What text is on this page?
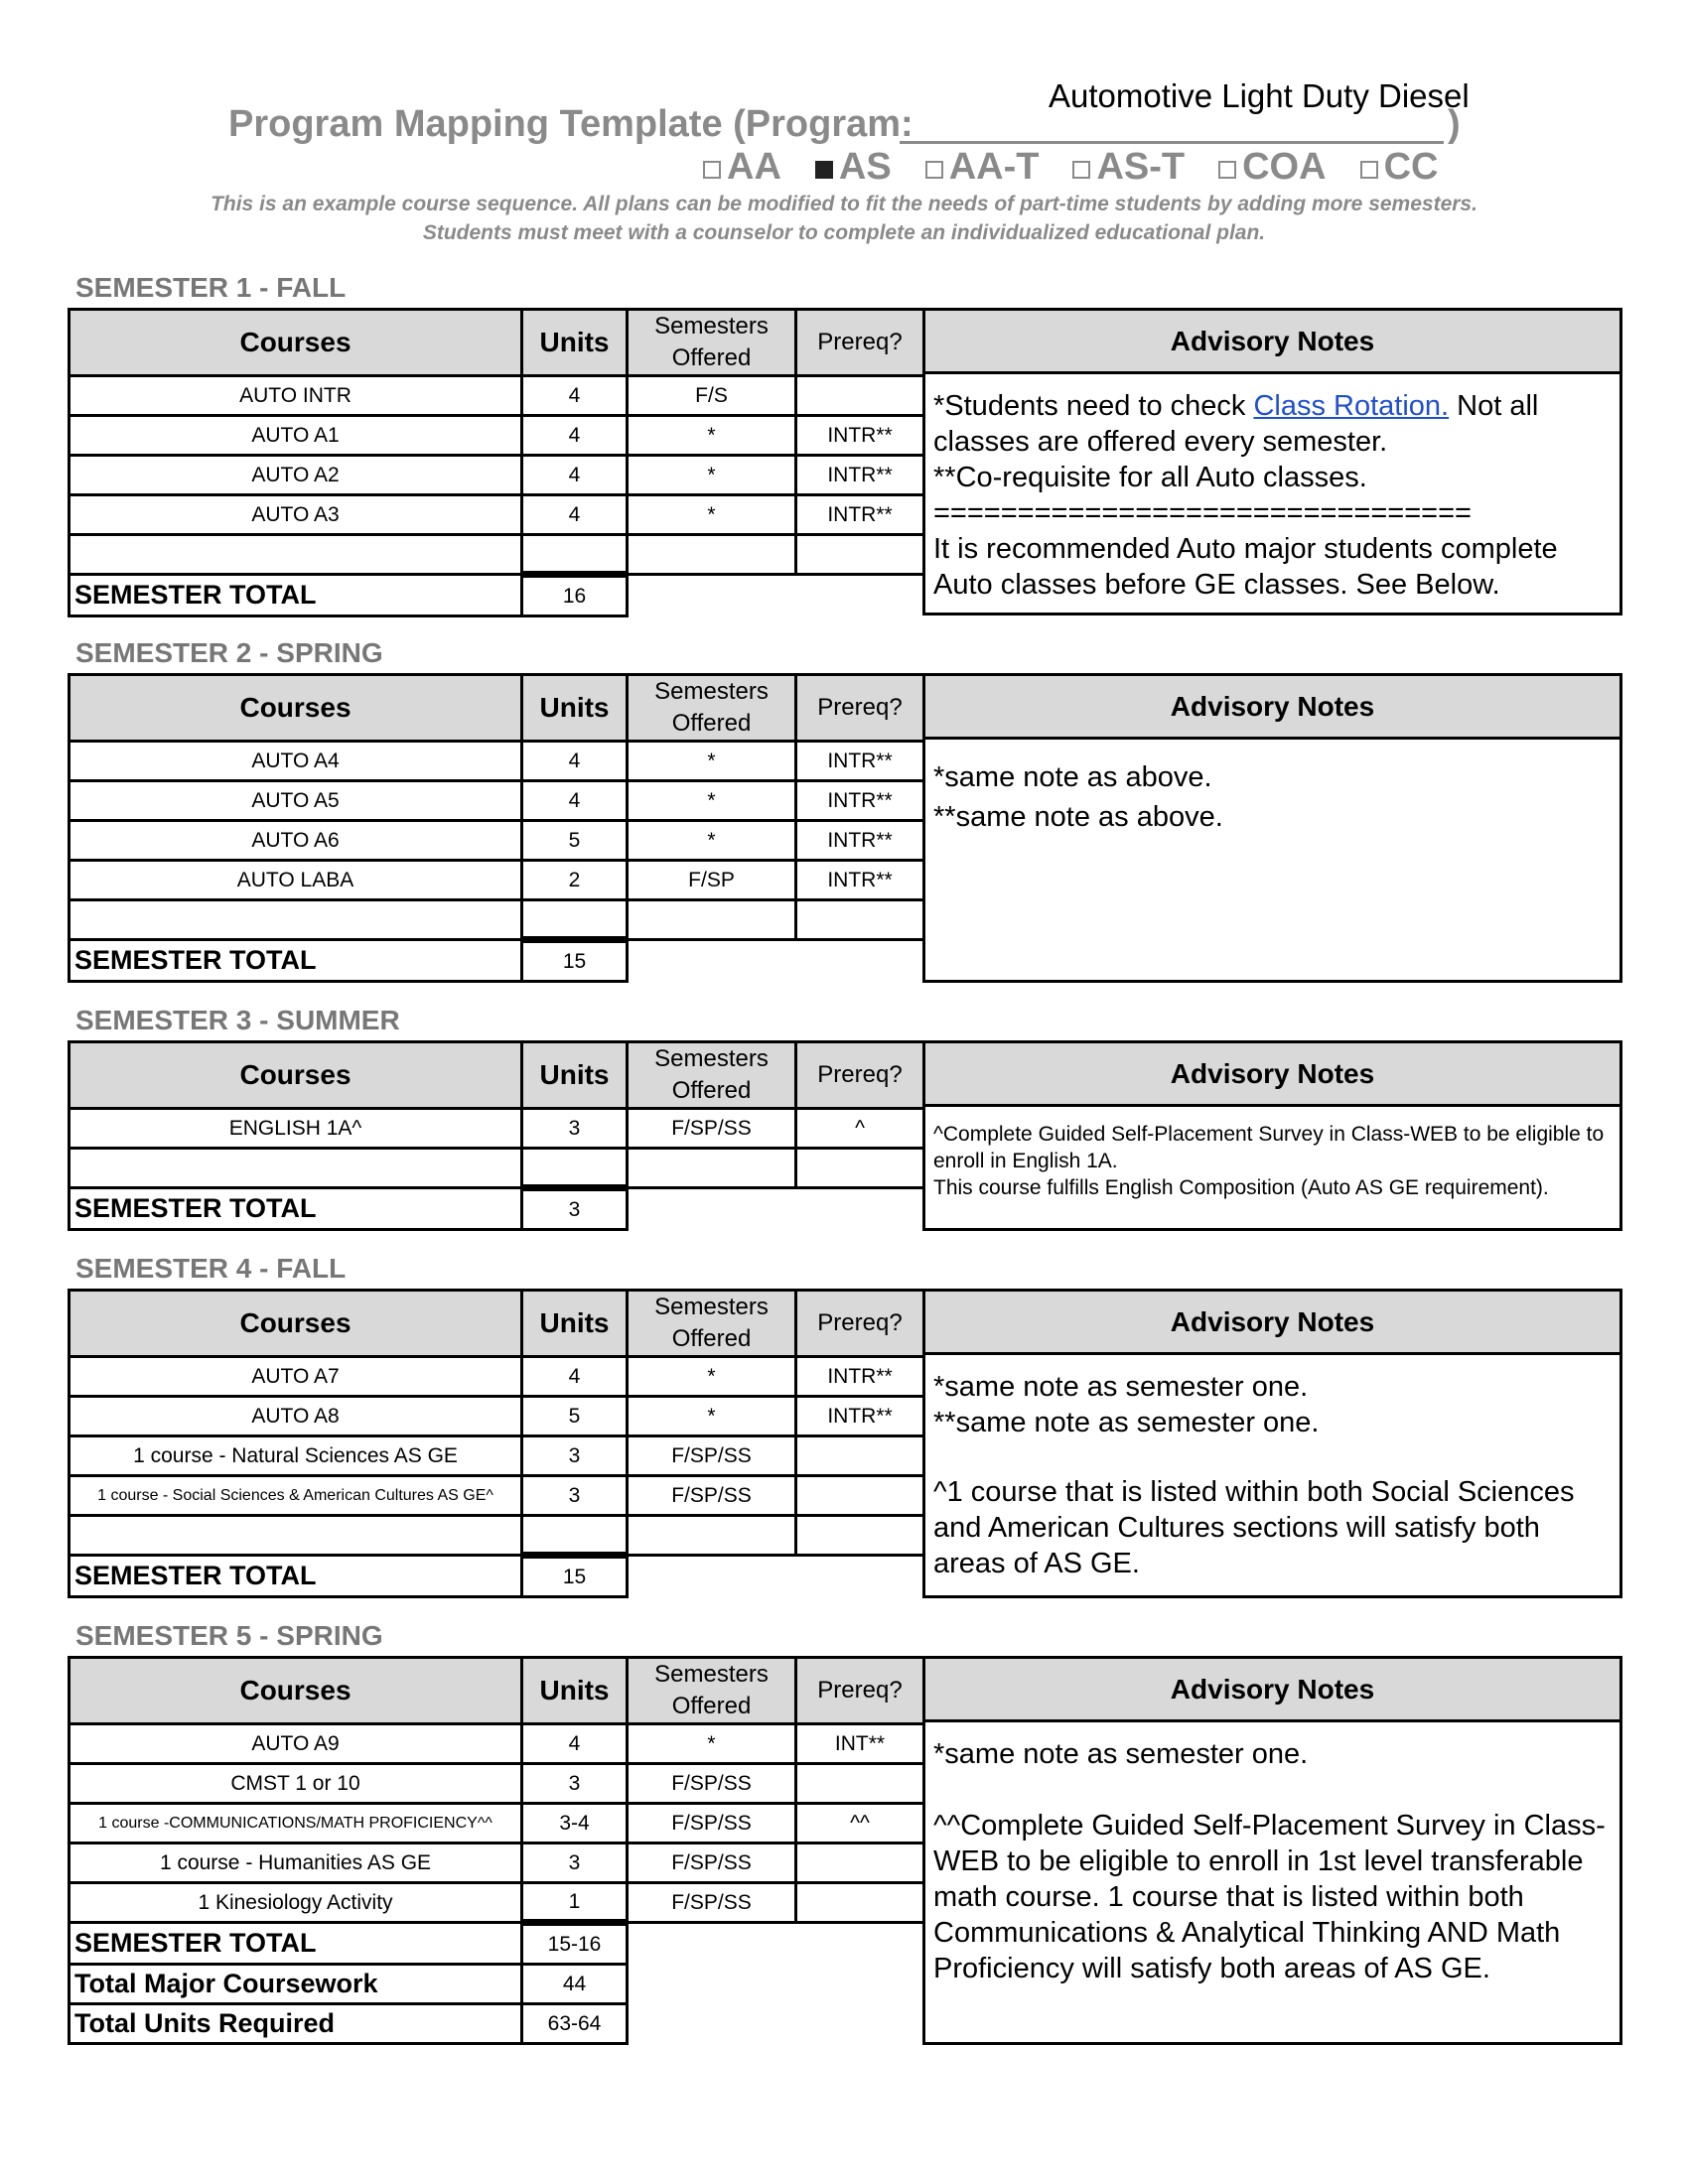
Automotive Light Duty Diesel
Program Mapping Template (Program:	)
AA AS AA-T AS-T COA CC
This is an example course sequence. All plans can be modified to fit the needs of part-time students by adding more semesters.
Students must meet with a counselor to complete an individualized educational plan.
SEMESTER 1 - FALL
Courses	Units	Semesters Offered	Prereq?
AUTO INTR	4	F/S	
AUTO A1	4	*	INTR**
AUTO A2	4	*	INTR**
AUTO A3	4	*	INTR**

SEMESTER TOTAL	16		
Advisory Notes

*Students need to check Class Rotation. Not all classes are offered every semester.

**Co-requisite for all Auto classes.

================================

It is recommended Auto major students complete Auto classes before GE classes. See Below.

SEMESTER 2 - SPRING
Courses	Units	Semesters Offered	Prereq?
AUTO A4	4	*	INTR**
AUTO A5	4	*	INTR**
AUTO A6	5	*	INTR**
AUTO LABA	2	F/SP	INTR**

SEMESTER TOTAL	15		
Advisory Notes

*same note as above.

**same note as above.

SEMESTER 3 - SUMMER
Courses	Units	Semesters Offered	Prereq?
ENGLISH 1A^	3	F/SP/SS	^

SEMESTER TOTAL	3		
Advisory Notes

^Complete Guided Self-Placement Survey in Class-WEB to be eligible to enroll in English 1A.

This course fulfills English Composition (Auto AS GE requirement).

SEMESTER 4 - FALL
Courses	Units	Semesters Offered	Prereq?
AUTO A7	4	*	INTR**
AUTO A8	5	*	INTR**
1 course - Natural Sciences AS GE	3	F/SP/SS	
1 course - Social Sciences & American Cultures AS GE^	3	F/SP/SS	

SEMESTER TOTAL	15		
Advisory Notes

*same note as semester one.

**same note as semester one.

^1 course that is listed within both Social Sciences and American Cultures sections will satisfy both areas of AS GE.

SEMESTER 5 - SPRING
Courses	Units	Semesters Offered	Prereq?
AUTO A9	4	*	INT**
CMST 1 or 10	3	F/SP/SS	
1 course -COMMUNICATIONS/MATH PROFICIENCY^^	3-4	F/SP/SS	^^
1 course - Humanities AS GE	3	F/SP/SS	
1 Kinesiology Activity	1	F/SP/SS	
SEMESTER TOTAL	15-16		
Total Major Coursework	44		
Total Units Required	63-64		
Advisory Notes

*same note as semester one.

^^Complete Guided Self-Placement Survey in Class-WEB to be eligible to enroll in 1st level transferable math course. 1 course that is listed within both Communications & Analytical Thinking AND Math Proficiency will satisfy both areas of AS GE.
